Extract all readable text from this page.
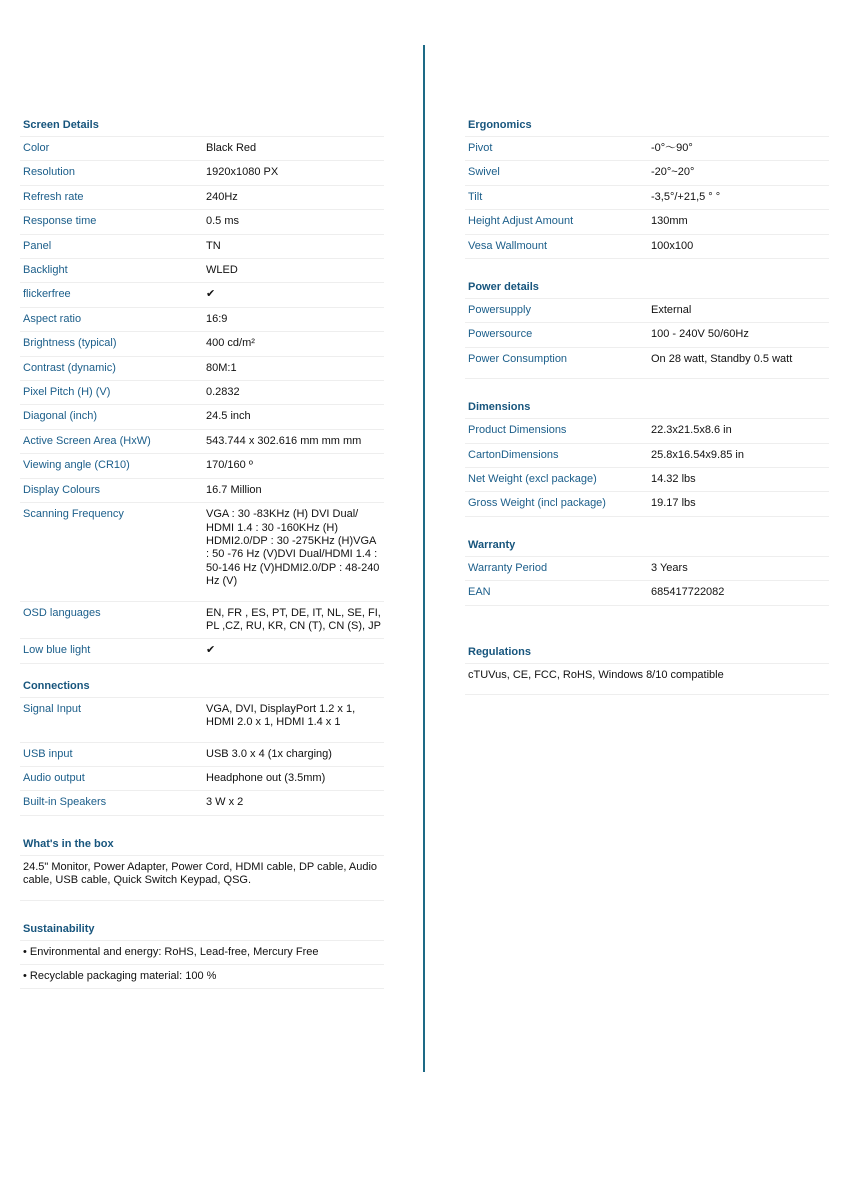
Screen Details
Color	Black Red
Resolution	1920x1080 PX
Refresh rate	240Hz
Response time	0.5 ms
Panel	TN
Backlight	WLED
flickerfree	✔
Aspect ratio	16:9
Brightness (typical)	400 cd/m²
Contrast (dynamic)	80M:1
Pixel Pitch (H) (V)	0.2832
Diagonal (inch)	24.5 inch
Active Screen Area (HxW)	543.744 x 302.616 mm mm mm
Viewing angle (CR10)	170/160 º
Display Colours	16.7 Million
Scanning Frequency	VGA : 30 -83KHz (H) DVI Dual/ HDMI 1.4 : 30 -160KHz (H) HDMI2.0/DP : 30 -275KHz (H)VGA : 50 -76 Hz (V)DVI Dual/HDMI 1.4 : 50-146 Hz (V)HDMI2.0/DP : 48-240 Hz (V)
OSD languages	EN, FR , ES, PT, DE, IT, NL, SE, FI, PL ,CZ, RU, KR, CN (T), CN (S), JP
Low blue light	✔
Connections
Signal Input	VGA, DVI, DisplayPort 1.2 x 1, HDMI 2.0 x 1, HDMI 1.4 x 1
USB input	USB 3.0 x 4 (1x charging)
Audio output	Headphone out (3.5mm)
Built-in Speakers	3 W x 2
What's in the box
24.5" Monitor, Power Adapter, Power Cord, HDMI cable, DP cable, Audio cable, USB cable, Quick Switch Keypad, QSG.
Sustainability
• Environmental and energy: RoHS, Lead-free, Mercury Free
• Recyclable packaging material: 100 %
Ergonomics
Pivot	-0°～90°
Swivel	-20°~20°
Tilt	-3,5°/+21,5 ° °
Height Adjust Amount	130mm
Vesa Wallmount	100x100
Power details
Powersupply	External
Powersource	100 - 240V 50/60Hz
Power Consumption	On 28 watt, Standby 0.5 watt
Dimensions
Product Dimensions	22.3x21.5x8.6 in
CartonDimensions	25.8x16.54x9.85 in
Net Weight (excl package)	14.32 lbs
Gross Weight (incl package)	19.17 lbs
Warranty
Warranty Period	3 Years
EAN	685417722082
Regulations
cTUVus, CE, FCC, RoHS, Windows 8/10 compatible
